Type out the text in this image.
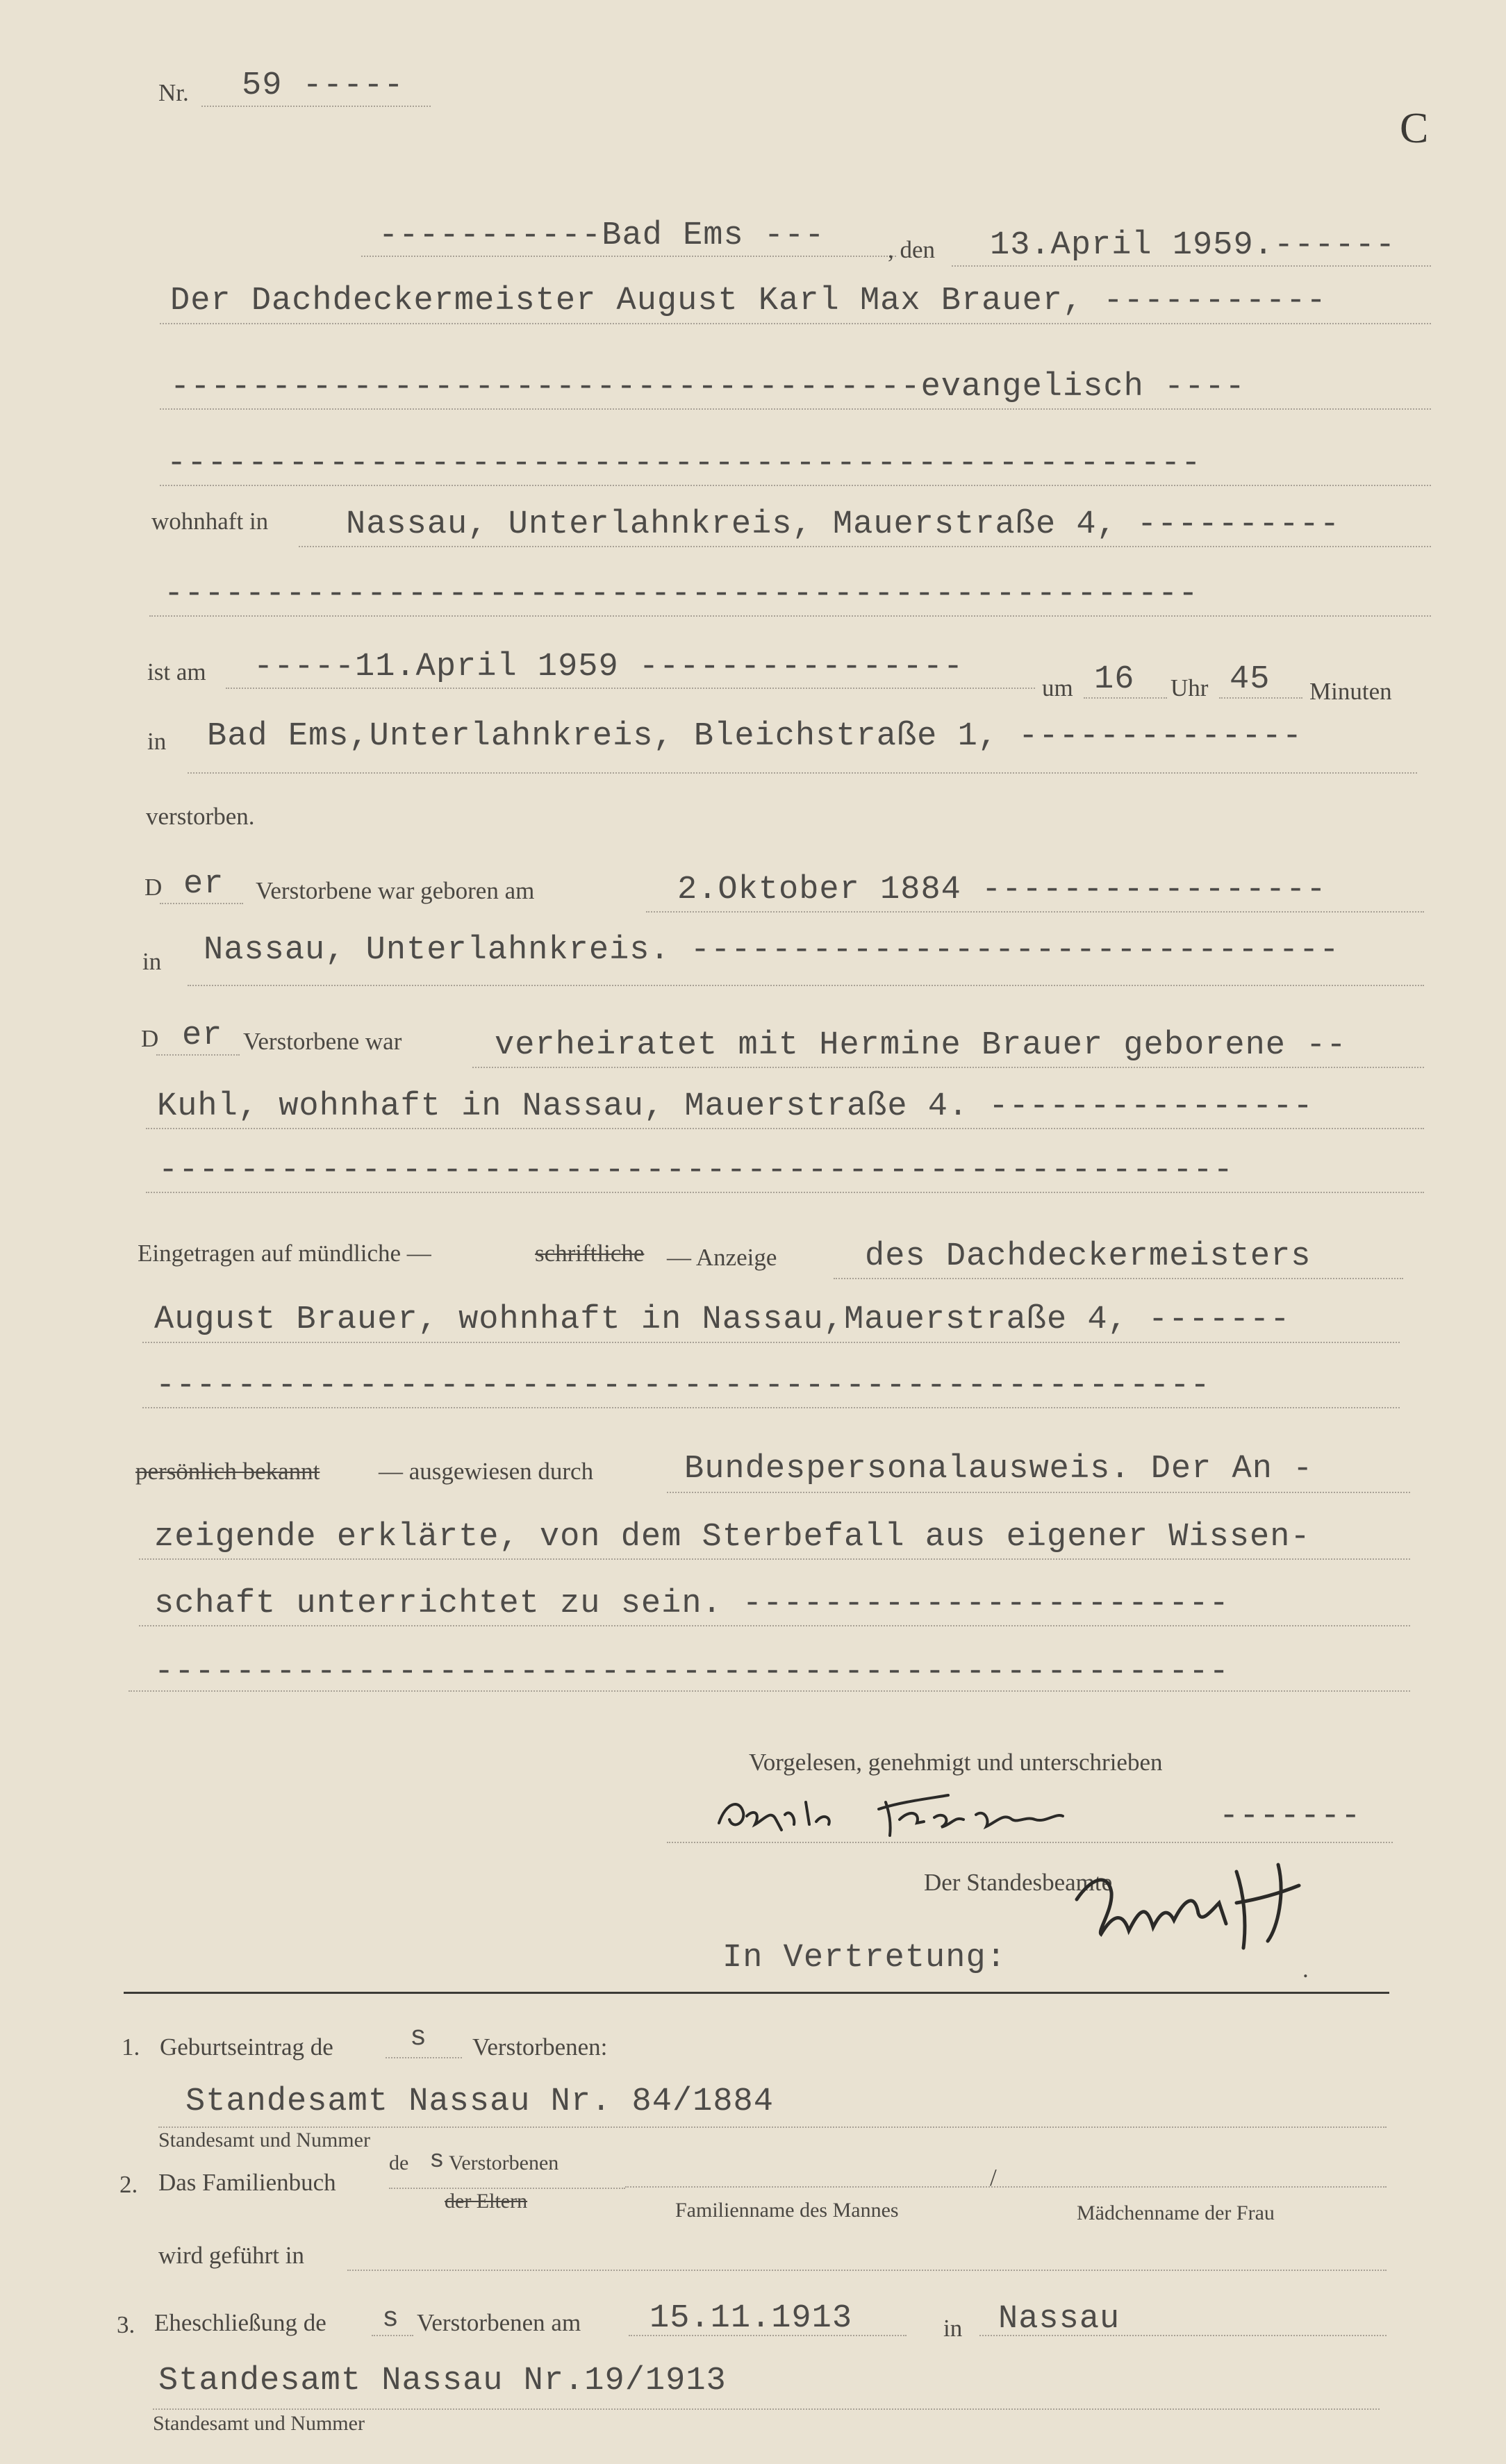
C
Nr. 59 -----
-----------Bad Ems ---	, den 13.April 1959.------
Der Dachdeckermeister August Karl Max Brauer, -----------
-------------------------------------evangelisch ----
---------------------------------------------------
wohnhaft in Nassau, Unterlahnkreis, Mauerstraße 4, ----------
---------------------------------------------------
ist am -----11.April 1959 ----------------
um 16 Uhr 45 Minuten
in Bad Ems,Unterlahnkreis, Bleichstraße 1, --------------
verstorben.
D er Verstorbene war geboren am	2.Oktober 1884 -----------------
in Nassau, Unterlahnkreis. --------------------------------
D er Verstorbene war	verheiratet mit Hermine Brauer geborene --
Kuhl, wohnhaft in Nassau, Mauerstraße 4. ----------------
-----------------------------------------------------
Eingetragen auf mündliche —	schriftliche — Anzeige	des Dachdeckermeisters
August Brauer, wohnhaft in Nassau,Mauerstraße 4, -------
----------------------------------------------------
persönlich bekannt — ausgewiesen durch	Bundespersonalausweis. Der An -
zeigende erklärte, von dem Sterbefall aus eigener Wissen-
schaft unterrichtet zu sein. ------------------------
-----------------------------------------------------
Vorgelesen, genehmigt und unterschrieben
-------
Der Standesbeamte
In Vertretung:	.
1. Geburtseintrag de	s Verstorbenen:
Standesamt Nassau Nr. 84/1884
Standesamt und Nummer
2. Das Familienbuch
de s Verstorbenen
der Eltern
/
Familienname des Mannes	Mädchenname der Frau
wird geführt in
3. Eheschließung de s Verstorbenen am 15.11.1913	in Nassau
Standesamt Nassau Nr.19/1913
Standesamt und Nummer
